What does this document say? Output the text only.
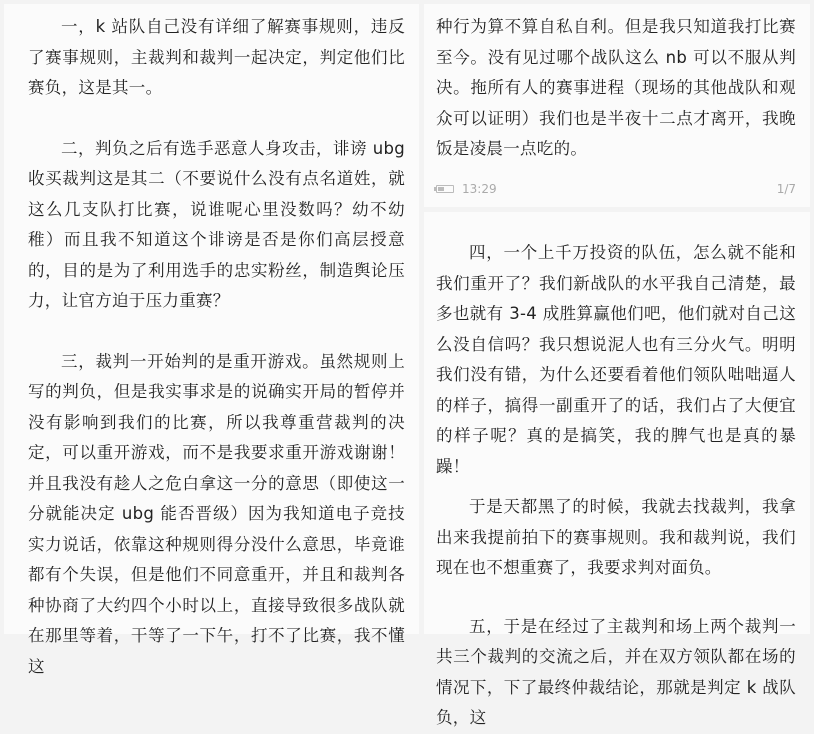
一，k 站队自己没有详细了解赛事规则，违反了赛事规则，主裁判和裁判一起决定，判定他们比赛负，这是其一。

二，判负之后有选手恶意人身攻击，诽谤 ubg 收买裁判这是其二（不要说什么没有点名道姓，就这么几支队打比赛，说谁呢心里没数吗？幼不幼稚）而且我不知道这个诽谤是否是你们高层授意的，目的是为了利用选手的忠实粉丝，制造舆论压力，让官方迫于压力重赛？

三，裁判一开始判的是重开游戏。虽然规则上写的判负，但是我实事求是的说确实开局的暂停并没有影响到我们的比赛，所以我尊重营裁判的决定，可以重开游戏，而不是我要求重开游戏谢谢！并且我没有趁人之危白拿这一分的意思（即使这一分就能决定 ubg 能否晋级）因为我知道电子竞技实力说话，依靠这种规则得分没什么意思，毕竟谁都有个失误，但是他们不同意重开，并且和裁判各种协商了大约四个小时以上，直接导致很多战队就在那里等着，干等了一下午，打不了比赛，我不懂这

种行为算不算自私自利。但是我只知道我打比赛至今。没有见过哪个战队这么 nb 可以不服从判决。拖所有人的赛事进程（现场的其他战队和观众可以证明）我们也是半夜十二点才离开，我晚饭是凌晨一点吃的。

13:29	1/7

四，一个上千万投资的队伍，怎么就不能和我们重开了？我们新战队的水平我自己清楚，最多也就有 3-4 成胜算赢他们吧，他们就对自己这么没自信吗？我只想说泥人也有三分火气。明明我们没有错，为什么还要看着他们领队咄咄逼人的样子，搞得一副重开了的话，我们占了大便宜的样子呢？真的是搞笑，我的脾气也是真的暴躁！

于是天都黑了的时候，我就去找裁判，我拿出来我提前拍下的赛事规则。我和裁判说，我们现在也不想重赛了，我要求判对面负。

五，于是在经过了主裁判和场上两个裁判一共三个裁判的交流之后，并在双方领队都在场的情况下，下了最终仲裁结论，那就是判定 k 战队负，这
